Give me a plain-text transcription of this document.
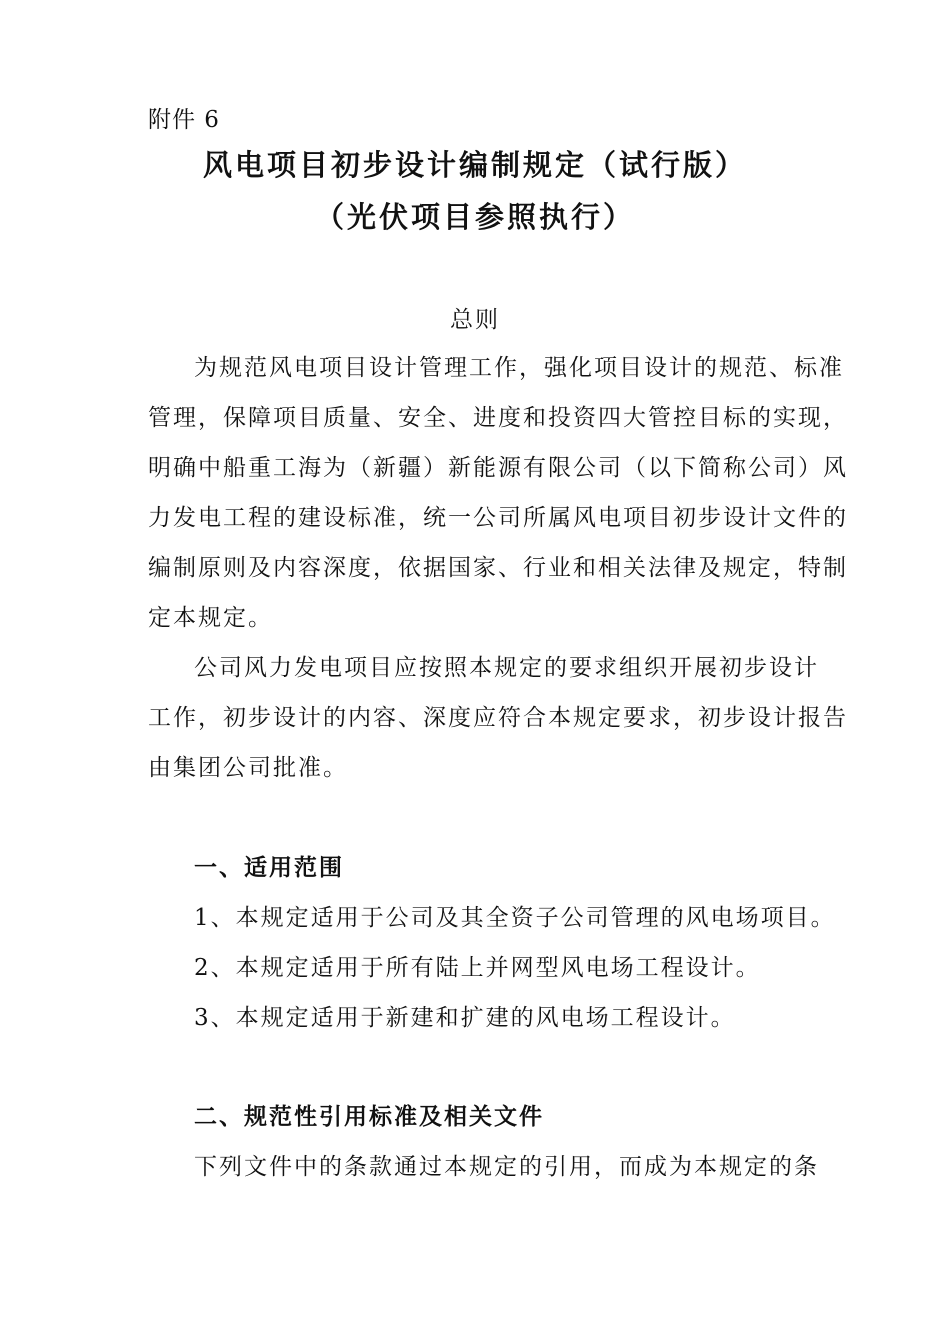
附件 6
风电项目初步设计编制规定（试行版）
（光伏项目参照执行）
总则
为规范风电项目设计管理工作，强化项目设计的规范、标准
管理，保障项目质量、安全、进度和投资四大管控目标的实现，
明确中船重工海为（新疆）新能源有限公司（以下简称公司）风
力发电工程的建设标准，统一公司所属风电项目初步设计文件的
编制原则及内容深度，依据国家、行业和相关法律及规定，特制
定本规定。
公司风力发电项目应按照本规定的要求组织开展初步设计
工作，初步设计的内容、深度应符合本规定要求，初步设计报告
由集团公司批准。
一、适用范围
1、本规定适用于公司及其全资子公司管理的风电场项目。
2、本规定适用于所有陆上并网型风电场工程设计。
3、本规定适用于新建和扩建的风电场工程设计。
二、规范性引用标准及相关文件
下列文件中的条款通过本规定的引用，而成为本规定的条
